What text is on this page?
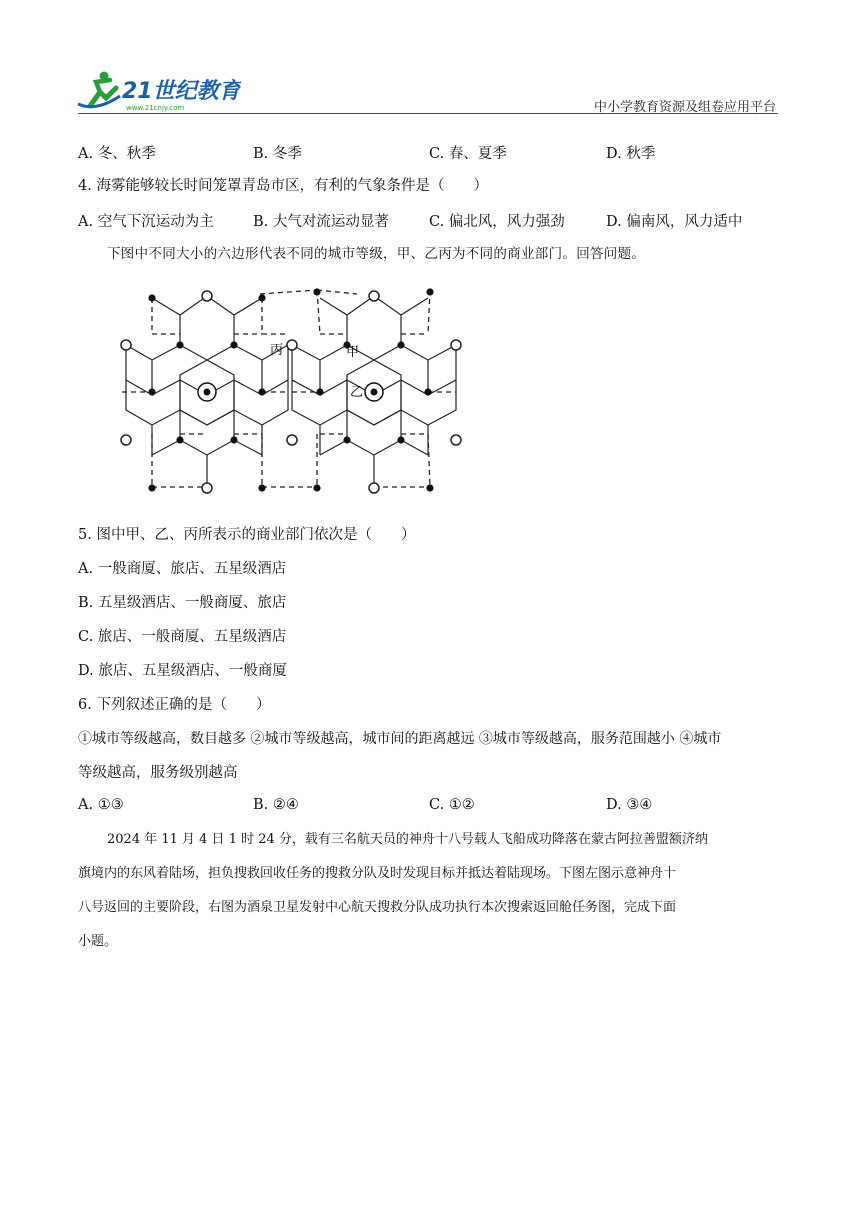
21世纪教育
www.21cnjy.com	中小学教育资源及组卷应用平台
A. 冬、秋季	B. 冬季	C. 春、夏季	D. 秋季
4. 海雾能够较长时间笼罩青岛市区，有利的气象条件是（　　）
A. 空气下沉运动为主	B. 大气对流运动显著	C. 偏北风，风力强劲	D. 偏南风，风力适中
下图中不同大小的六边形代表不同的城市等级，甲、乙丙为不同的商业部门。回答问题。
丙	甲
乙
5. 图中甲、乙、丙所表示的商业部门依次是（　　）
A. 一般商厦、旅店、五星级酒店
B. 五星级酒店、一般商厦、旅店
C. 旅店、一般商厦、五星级酒店
D. 旅店、五星级酒店、一般商厦
6. 下列叙述正确的是（　　）
①城市等级越高，数目越多 ②城市等级越高，城市间的距离越远 ③城市等级越高，服务范围越小 ④城市
等级越高，服务级别越高
A. ①③	B. ②④	C. ①②	D. ③④
2024 年 11 月 4 日 1 时 24 分，载有三名航天员的神舟十八号载人飞船成功降落在蒙古阿拉善盟额济纳
旗境内的东风着陆场，担负搜救回收任务的搜救分队及时发现目标并抵达着陆现场。下图左图示意神舟十
八号返回的主要阶段，右图为酒泉卫星发射中心航天搜救分队成功执行本次搜索返回舱任务图，完成下面
小题。
